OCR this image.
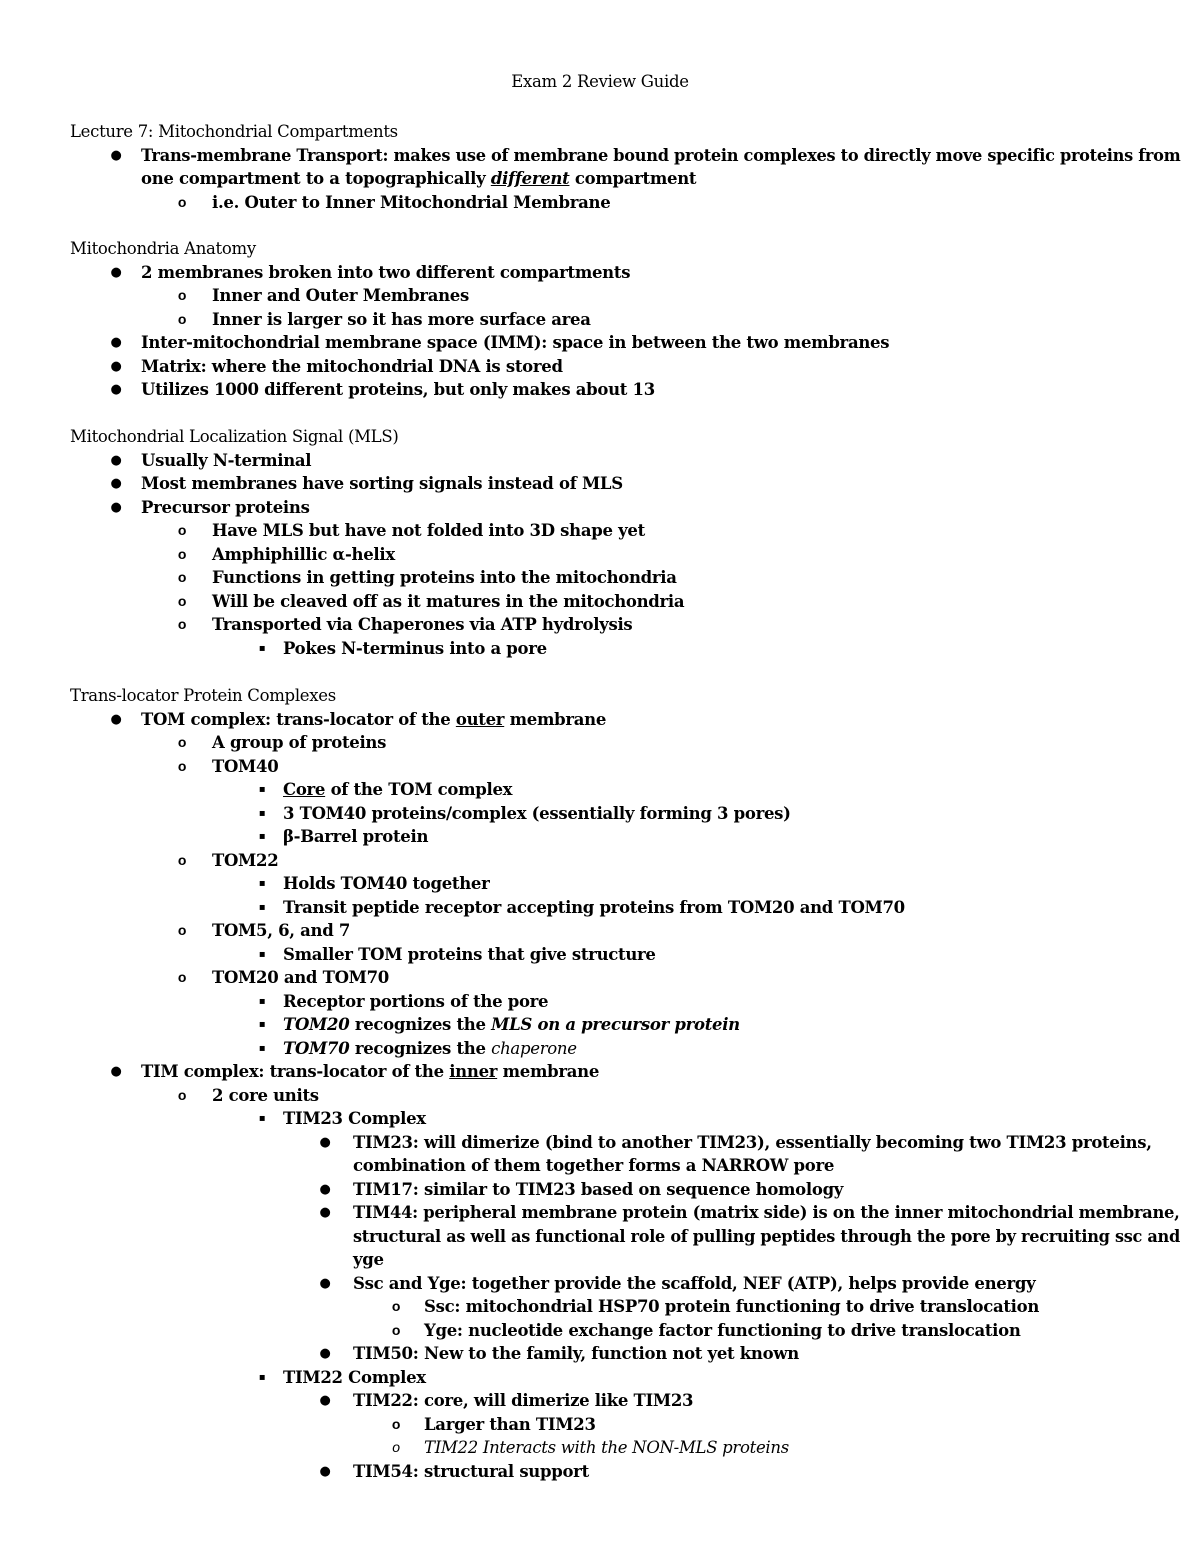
Exam 2 Review Guide
Lecture 7: Mitochondrial Compartments
● Trans-membrane Transport: makes use of membrane bound protein complexes to directly move specific proteins from
one compartment to a topographically different compartment
o	i.e. Outer to Inner Mitochondrial Membrane
Mitochondria Anatomy
● 2 membranes broken into two different compartments
o	Inner and Outer Membranes
o	Inner is larger so it has more surface area
● Inter-mitochondrial membrane space (IMM): space in between the two membranes
● Matrix: where the mitochondrial DNA is stored
● Utilizes 1000 different proteins, but only makes about 13
Mitochondrial Localization Signal (MLS)
● Usually N-terminal
● Most membranes have sorting signals instead of MLS
● Precursor proteins
o	Have MLS but have not folded into 3D shape yet
o	Amphiphillic α-helix
o	Functions in getting proteins into the mitochondria
o	Will be cleaved off as it matures in the mitochondria
o	Transported via Chaperones via ATP hydrolysis
▪	Pokes N-terminus into a pore
Trans-locator Protein Complexes
● TOM complex: trans-locator of the outer membrane
o	A group of proteins
o	TOM40
▪	Core of the TOM complex
▪	3 TOM40 proteins/complex (essentially forming 3 pores)
▪	β-Barrel protein
o	TOM22
▪	Holds TOM40 together
▪	Transit peptide receptor accepting proteins from TOM20 and TOM70
o	TOM5, 6, and 7
▪	Smaller TOM proteins that give structure
o	TOM20 and TOM70
▪	Receptor portions of the pore
▪	TOM20 recognizes the MLS on a precursor protein
▪	TOM70 recognizes the chaperone
● TIM complex: trans-locator of the inner membrane
o	2 core units
▪	TIM23 Complex
● TIM23: will dimerize (bind to another TIM23), essentially becoming two TIM23 proteins,
combination of them together forms a NARROW pore
● TIM17: similar to TIM23 based on sequence homology
● TIM44: peripheral membrane protein (matrix side) is on the inner mitochondrial membrane,
structural as well as functional role of pulling peptides through the pore by recruiting ssc and
yge
● Ssc and Yge: together provide the scaffold, NEF (ATP), helps provide energy
o	Ssc: mitochondrial HSP70 protein functioning to drive translocation
o	Yge: nucleotide exchange factor functioning to drive translocation
● TIM50: New to the family, function not yet known
▪	TIM22 Complex
● TIM22: core, will dimerize like TIM23
o	Larger than TIM23
o	TIM22 Interacts with the NON-MLS proteins
● TIM54: structural support
